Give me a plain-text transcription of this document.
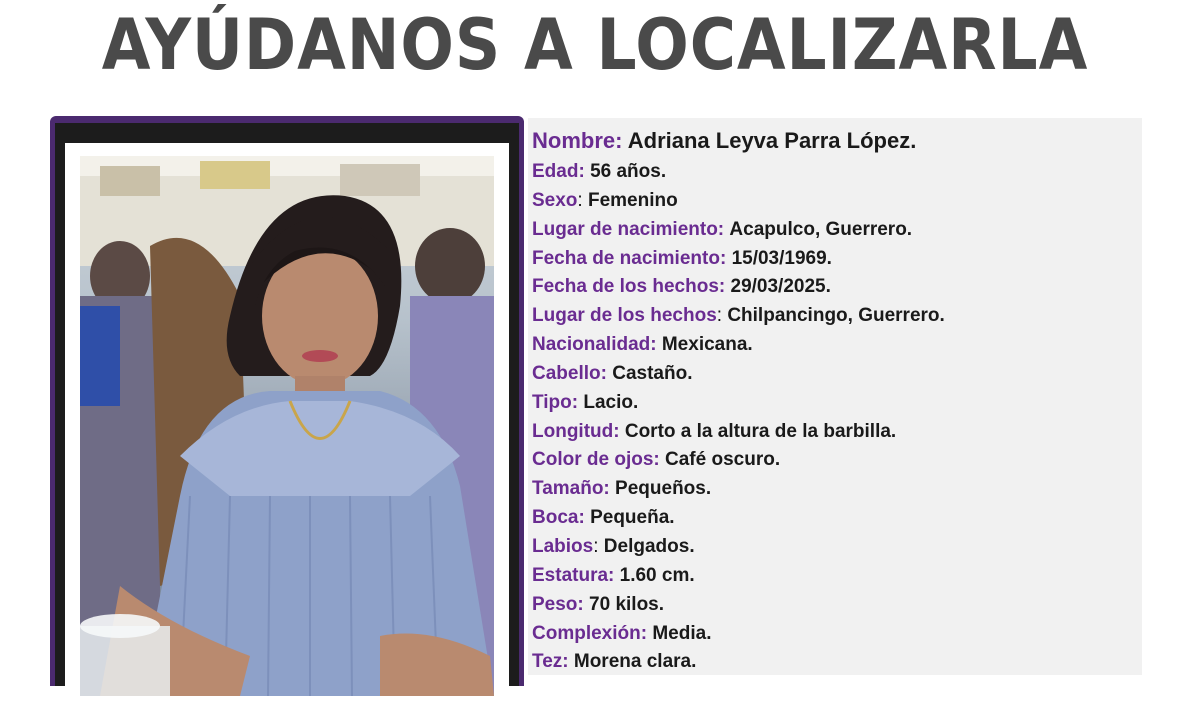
AYÚDANOS A LOCALIZARLA
Nombre: Adriana Leyva Parra López.
Edad: 56 años.
Sexo: Femenino
Lugar de nacimiento: Acapulco, Guerrero.
Fecha de nacimiento: 15/03/1969.
Fecha de los hechos: 29/03/2025.
Lugar de los hechos: Chilpancingo, Guerrero.
Nacionalidad: Mexicana.
Cabello: Castaño.
Tipo: Lacio.
Longitud: Corto a la altura de la barbilla.
Color de ojos: Café oscuro.
Tamaño: Pequeños.
Boca: Pequeña.
Labios: Delgados.
Estatura: 1.60 cm.
Peso: 70 kilos.
Complexión: Media.
Tez: Morena clara.
